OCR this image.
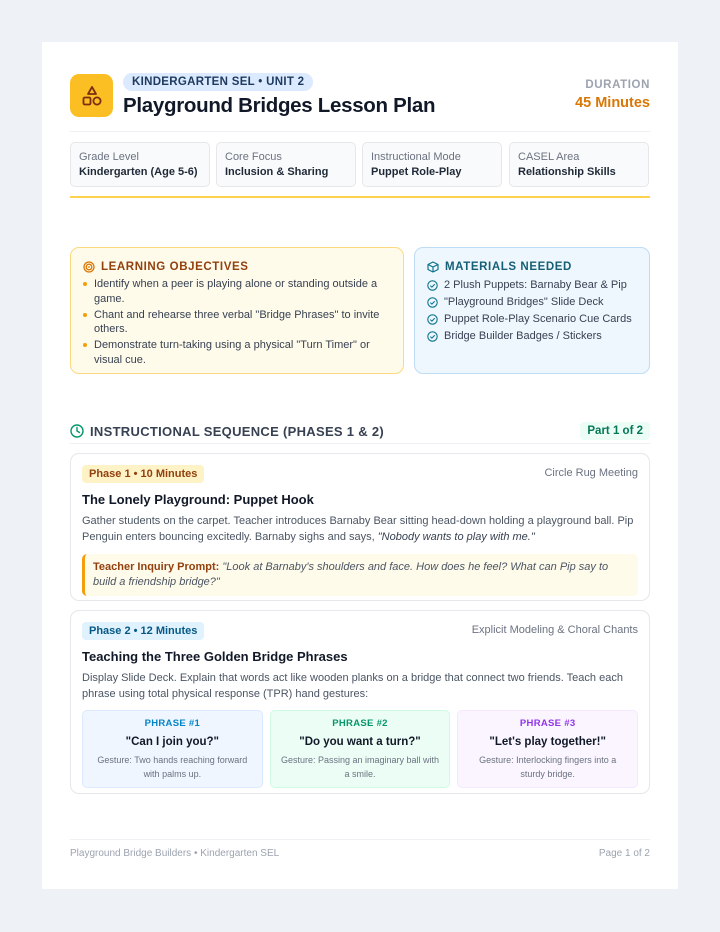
KINDERGARTEN SEL • UNIT 2
Playground Bridges Lesson Plan
DURATION
45 Minutes
Grade Level
Kindergarten (Age 5-6)
Core Focus
Inclusion & Sharing
Instructional Mode
Puppet Role-Play
CASEL Area
Relationship Skills
LEARNING OBJECTIVES
Identify when a peer is playing alone or standing outside a game.
Chant and rehearse three verbal "Bridge Phrases" to invite others.
Demonstrate turn-taking using a physical "Turn Timer" or visual cue.
MATERIALS NEEDED
2 Plush Puppets: Barnaby Bear & Pip
"Playground Bridges" Slide Deck
Puppet Role-Play Scenario Cue Cards
Bridge Builder Badges / Stickers
INSTRUCTIONAL SEQUENCE (PHASES 1 & 2)	Part 1 of 2
Phase 1 • 10 Minutes	Circle Rug Meeting
The Lonely Playground: Puppet Hook
Gather students on the carpet. Teacher introduces Barnaby Bear sitting head-down holding a playground ball. Pip Penguin enters bouncing excitedly. Barnaby sighs and says, "Nobody wants to play with me."
Teacher Inquiry Prompt: "Look at Barnaby's shoulders and face. How does he feel? What can Pip say to build a friendship bridge?"
Phase 2 • 12 Minutes	Explicit Modeling & Choral Chants
Teaching the Three Golden Bridge Phrases
Display Slide Deck. Explain that words act like wooden planks on a bridge that connect two friends. Teach each phrase using total physical response (TPR) hand gestures:
PHRASE #1
"Can I join you?"
Gesture: Two hands reaching forward with palms up.
PHRASE #2
"Do you want a turn?"
Gesture: Passing an imaginary ball with a smile.
PHRASE #3
"Let's play together!"
Gesture: Interlocking fingers into a sturdy bridge.
Playground Bridge Builders • Kindergarten SEL	Page 1 of 2
